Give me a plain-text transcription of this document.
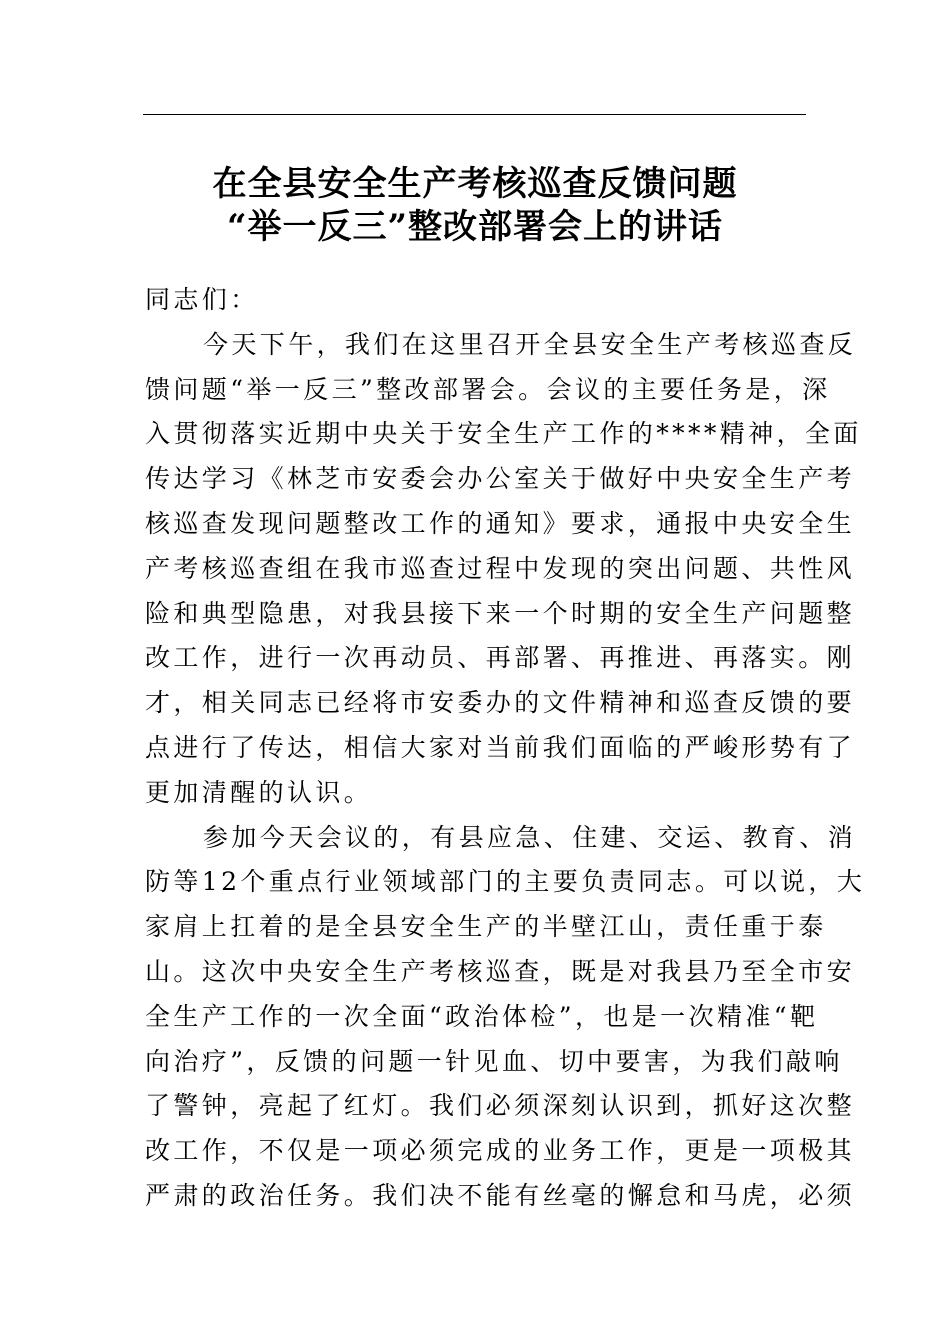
在全县安全生产考核巡查反馈问题
“举一反三”整改部署会上的讲话
同志们：
今天下午，我们在这里召开全县安全生产考核巡查反
馈问题“举一反三”整改部署会。会议的主要任务是，深
入贯彻落实近期中央关于安全生产工作的****精神，全面
传达学习《林芝市安委会办公室关于做好中央安全生产考
核巡查发现问题整改工作的通知》要求，通报中央安全生
产考核巡查组在我市巡查过程中发现的突出问题、共性风
险和典型隐患，对我县接下来一个时期的安全生产问题整
改工作，进行一次再动员、再部署、再推进、再落实。刚
才，相关同志已经将市安委办的文件精神和巡查反馈的要
点进行了传达，相信大家对当前我们面临的严峻形势有了
更加清醒的认识。
参加今天会议的，有县应急、住建、交运、教育、消
防等12个重点行业领域部门的主要负责同志。可以说，大
家肩上扛着的是全县安全生产的半壁江山，责任重于泰
山。这次中央安全生产考核巡查，既是对我县乃至全市安
全生产工作的一次全面“政治体检”，也是一次精准“靶
向治疗”，反馈的问题一针见血、切中要害，为我们敲响
了警钟，亮起了红灯。我们必须深刻认识到，抓好这次整
改工作，不仅是一项必须完成的业务工作，更是一项极其
严肃的政治任务。我们决不能有丝毫的懈怠和马虎，必须
